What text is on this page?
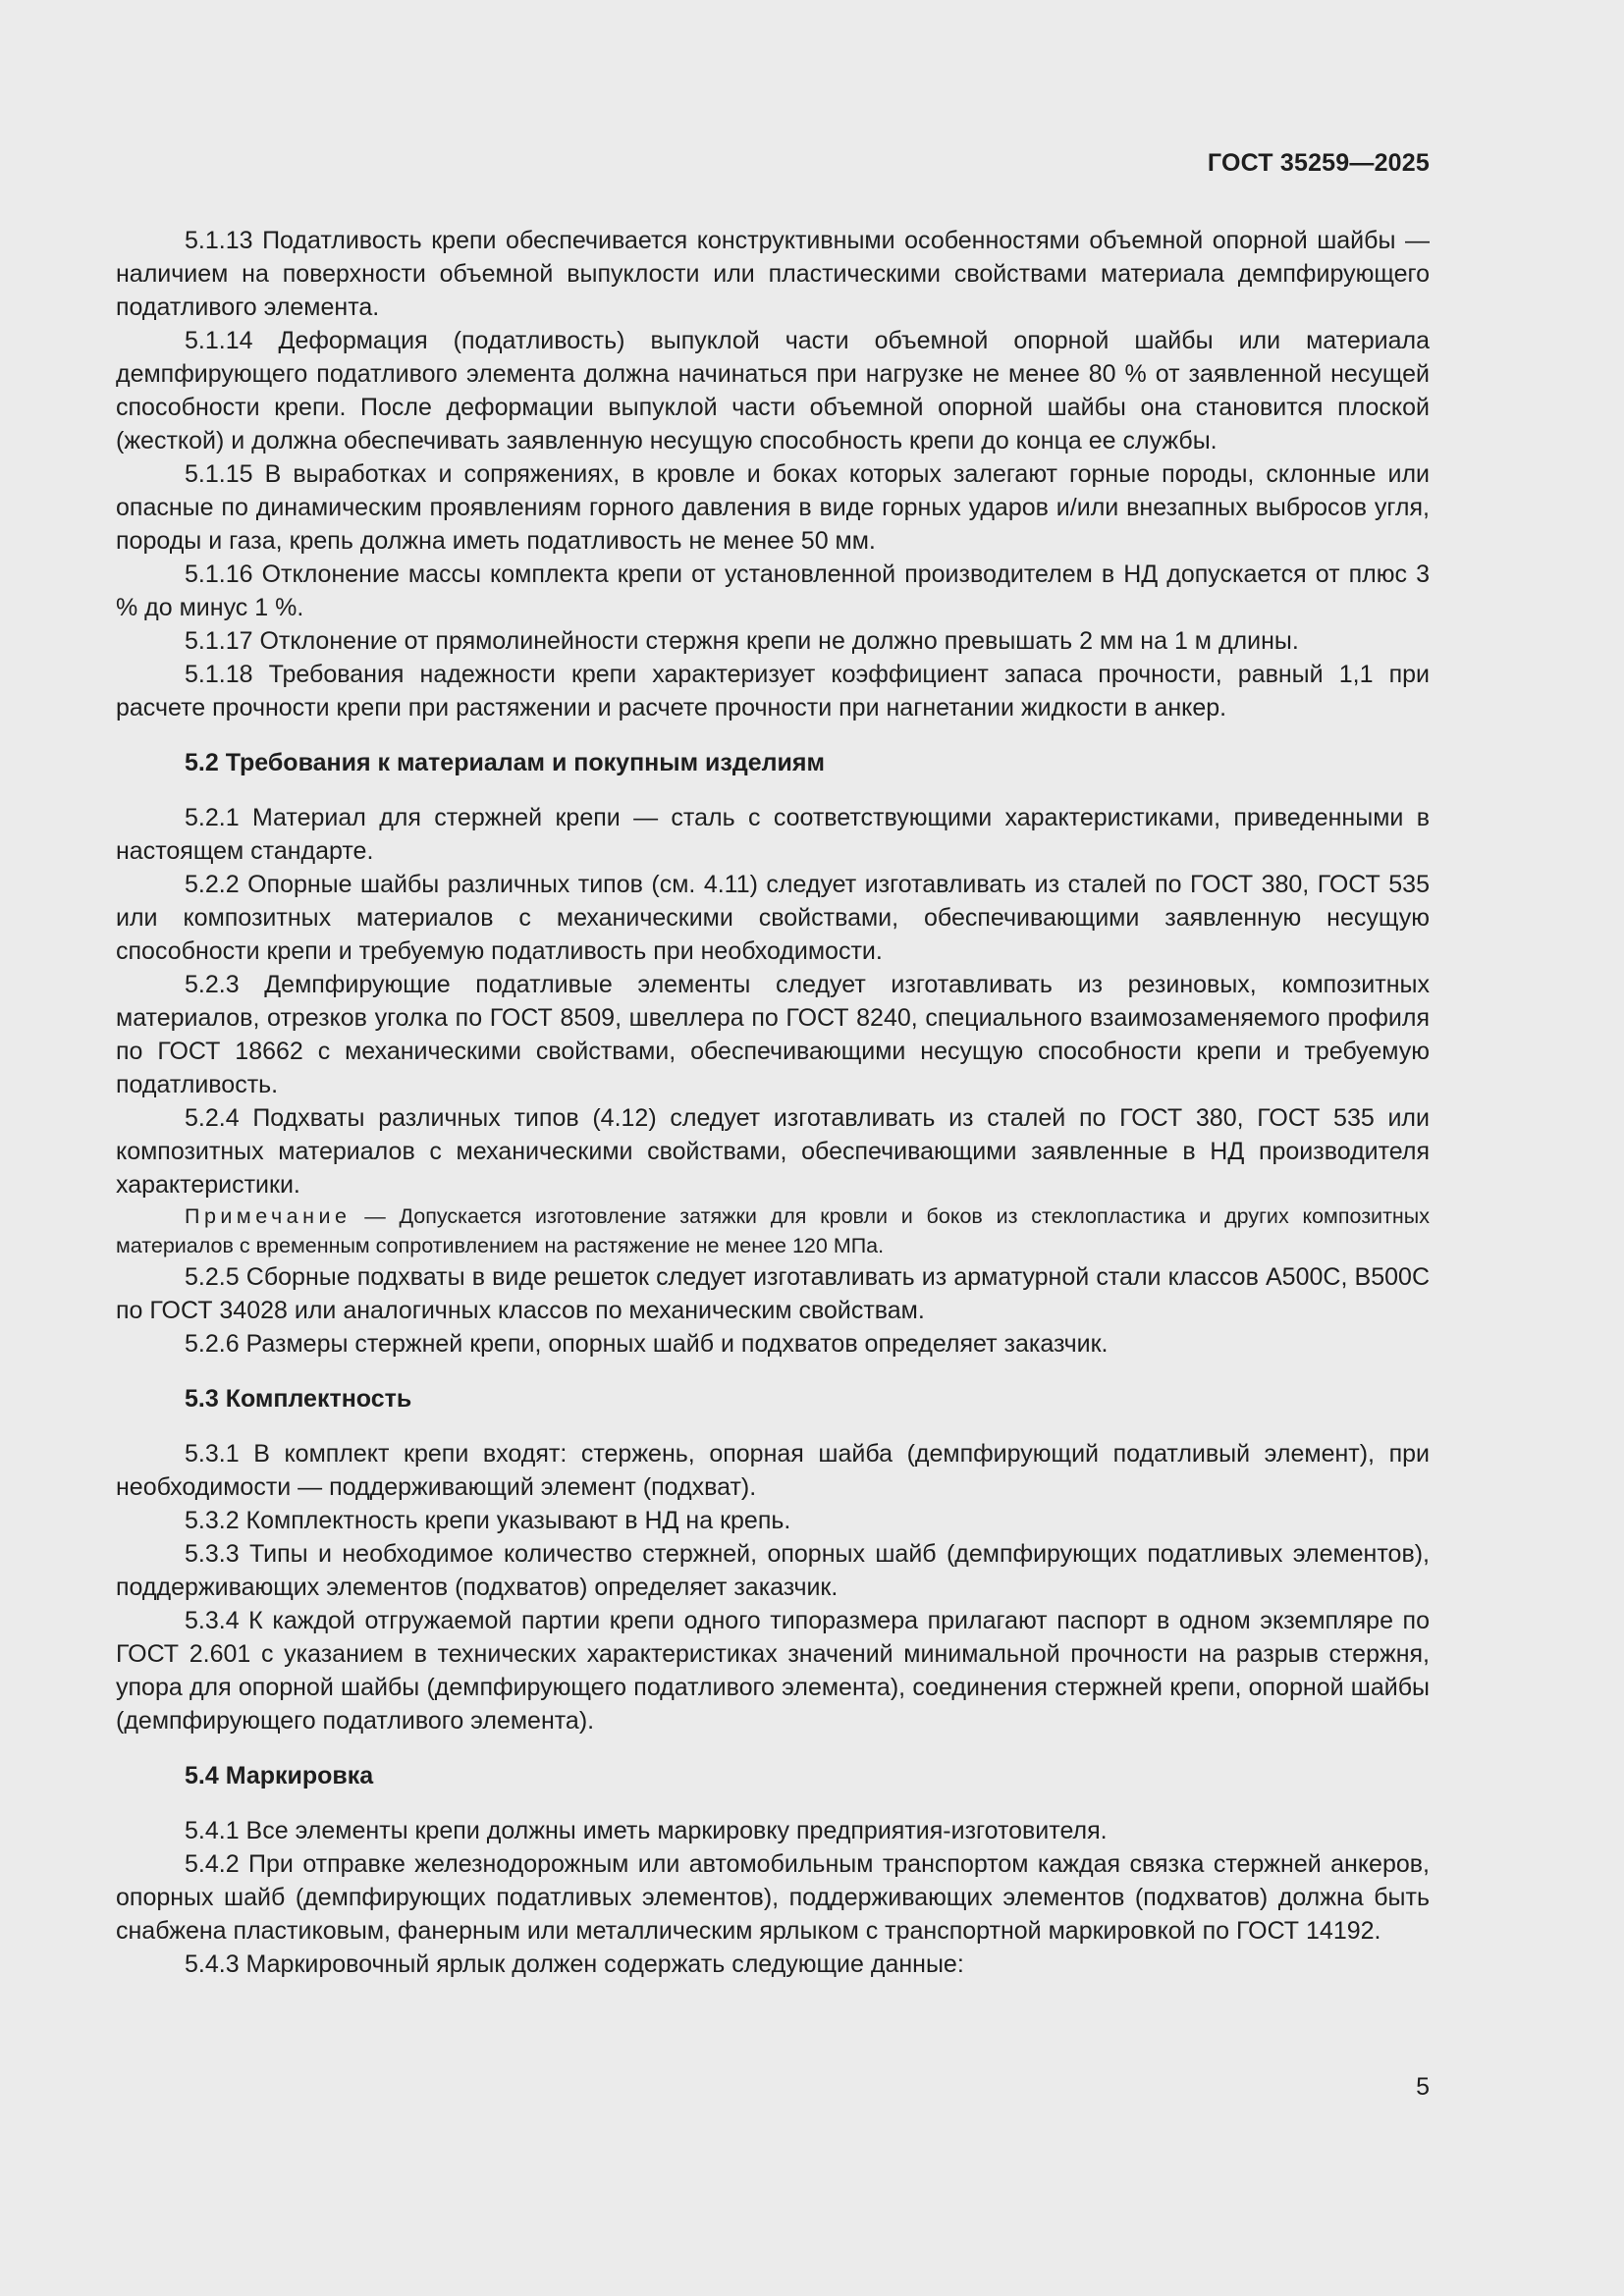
ГОСТ 35259—2025

5.1.13 Податливость крепи обеспечивается конструктивными особенностями объемной опорной шайбы — наличием на поверхности объемной выпуклости или пластическими свойствами материала демпфирующего податливого элемента.

5.1.14 Деформация (податливость) выпуклой части объемной опорной шайбы или материала демпфирующего податливого элемента должна начинаться при нагрузке не менее 80 % от заявленной несущей способности крепи. После деформации выпуклой части объемной опорной шайбы она становится плоской (жесткой) и должна обеспечивать заявленную несущую способность крепи до конца ее службы.

5.1.15 В выработках и сопряжениях, в кровле и боках которых залегают горные породы, склонные или опасные по динамическим проявлениям горного давления в виде горных ударов и/или внезапных выбросов угля, породы и газа, крепь должна иметь податливость не менее 50 мм.

5.1.16 Отклонение массы комплекта крепи от установленной производителем в НД допускается от плюс 3 % до минус 1 %.

5.1.17 Отклонение от прямолинейности стержня крепи не должно превышать 2 мм на 1 м длины.

5.1.18 Требования надежности крепи характеризует коэффициент запаса прочности, равный 1,1 при расчете прочности крепи при растяжении и расчете прочности при нагнетании жидкости в анкер.

5.2 Требования к материалам и покупным изделиям

5.2.1 Материал для стержней крепи — сталь с соответствующими характеристиками, приведенными в настоящем стандарте.

5.2.2 Опорные шайбы различных типов (см. 4.11) следует изготавливать из сталей по ГОСТ 380, ГОСТ 535 или композитных материалов с механическими свойствами, обеспечивающими заявленную несущую способности крепи и требуемую податливость при необходимости.

5.2.3 Демпфирующие податливые элементы следует изготавливать из резиновых, композитных материалов, отрезков уголка по ГОСТ 8509, швеллера по ГОСТ 8240, специального взаимозаменяемого профиля по ГОСТ 18662 с механическими свойствами, обеспечивающими несущую способности крепи и требуемую податливость.

5.2.4 Подхваты различных типов (4.12) следует изготавливать из сталей по ГОСТ 380, ГОСТ 535 или композитных материалов с механическими свойствами, обеспечивающими заявленные в НД производителя характеристики.

Примечание — Допускается изготовление затяжки для кровли и боков из стеклопластика и других композитных материалов с временным сопротивлением на растяжение не менее 120 МПа.

5.2.5 Сборные подхваты в виде решеток следует изготавливать из арматурной стали классов А500С, В500С по ГОСТ 34028 или аналогичных классов по механическим свойствам.

5.2.6 Размеры стержней крепи, опорных шайб и подхватов определяет заказчик.

5.3 Комплектность

5.3.1 В комплект крепи входят: стержень, опорная шайба (демпфирующий податливый элемент), при необходимости — поддерживающий элемент (подхват).

5.3.2 Комплектность крепи указывают в НД на крепь.

5.3.3 Типы и необходимое количество стержней, опорных шайб (демпфирующих податливых элементов), поддерживающих элементов (подхватов) определяет заказчик.

5.3.4 К каждой отгружаемой партии крепи одного типоразмера прилагают паспорт в одном экземпляре по ГОСТ 2.601 с указанием в технических характеристиках значений минимальной прочности на разрыв стержня, упора для опорной шайбы (демпфирующего податливого элемента), соединения стержней крепи, опорной шайбы (демпфирующего податливого элемента).

5.4 Маркировка

5.4.1 Все элементы крепи должны иметь маркировку предприятия-изготовителя.

5.4.2 При отправке железнодорожным или автомобильным транспортом каждая связка стержней анкеров, опорных шайб (демпфирующих податливых элементов), поддерживающих элементов (подхватов) должна быть снабжена пластиковым, фанерным или металлическим ярлыком с транспортной маркировкой по ГОСТ 14192.

5.4.3 Маркировочный ярлык должен содержать следующие данные:

5
